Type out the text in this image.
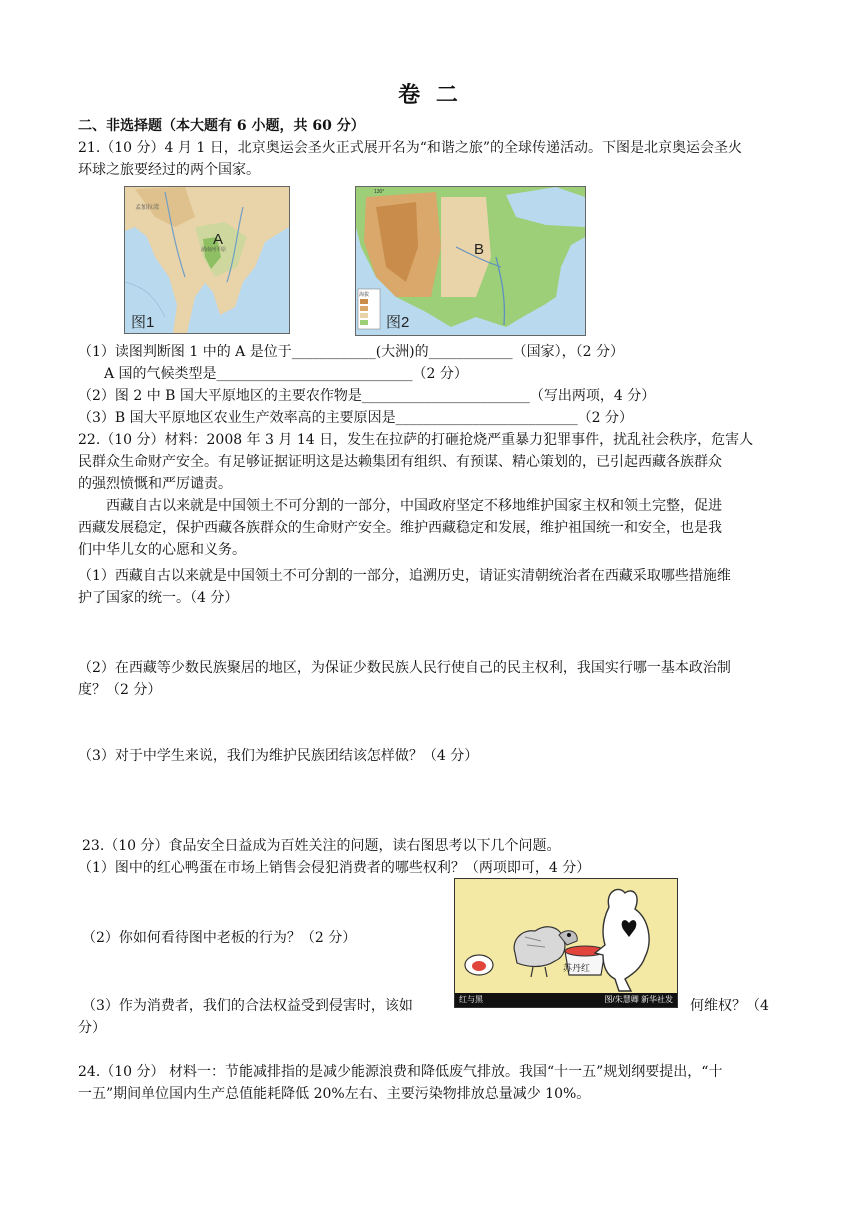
卷 二
二、非选择题（本大题有 6 小题，共 60 分）
21.（10 分）4 月 1 日，北京奥运会圣火正式展开名为“和谐之旅”的全球传递活动。下图是北京奥运会圣火
环球之旅要经过的两个国家。
孟加拉湾
湄南河平原
A
图1
海拔
130°
B
图2
（1）读图判断图 1 中的 A 是位于____________(大洲)的____________（国家），（2 分）
A 国的气候类型是____________________________（2 分）
（2）图 2 中 B 国大平原地区的主要农作物是________________________（写出两项，4 分）
（3）B 国大平原地区农业生产效率高的主要原因是__________________________（2 分）
22.（10 分）材料：2008 年 3 月 14 日，发生在拉萨的打砸抢烧严重暴力犯罪事件，扰乱社会秩序，危害人
民群众生命财产安全。有足够证据证明这是达赖集团有组织、有预谋、精心策划的，已引起西藏各族群众
的强烈愤慨和严厉谴责。
西藏自古以来就是中国领土不可分割的一部分，中国政府坚定不移地维护国家主权和领土完整，促进
西藏发展稳定，保护西藏各族群众的生命财产安全。维护西藏稳定和发展，维护祖国统一和安全，也是我
们中华儿女的心愿和义务。
（1）西藏自古以来就是中国领土不可分割的一部分，追溯历史，请证实清朝统治者在西藏采取哪些措施维
护了国家的统一。（4 分）
（2）在西藏等少数民族聚居的地区，为保证少数民族人民行使自己的民主权利，我国实行哪一基本政治制
度？（2 分）
（3）对于中学生来说，我们为维护民族团结该怎样做？（4 分）
23.（10 分）食品安全日益成为百姓关注的问题，读右图思考以下几个问题。
（1）图中的红心鸭蛋在市场上销售会侵犯消费者的哪些权利？（两项即可，4 分）
苏丹红
红与黑	图/朱慧卿 新华社发
（2）你如何看待图中老板的行为？（2 分）
（3）作为消费者，我们的合法权益受到侵害时，该如	何维权？（4
分）
24.（10 分） 材料一：节能减排指的是减少能源浪费和降低废气排放。我国“十一五”规划纲要提出，“十
一五”期间单位国内生产总值能耗降低 20%左右、主要污染物排放总量减少 10%。
